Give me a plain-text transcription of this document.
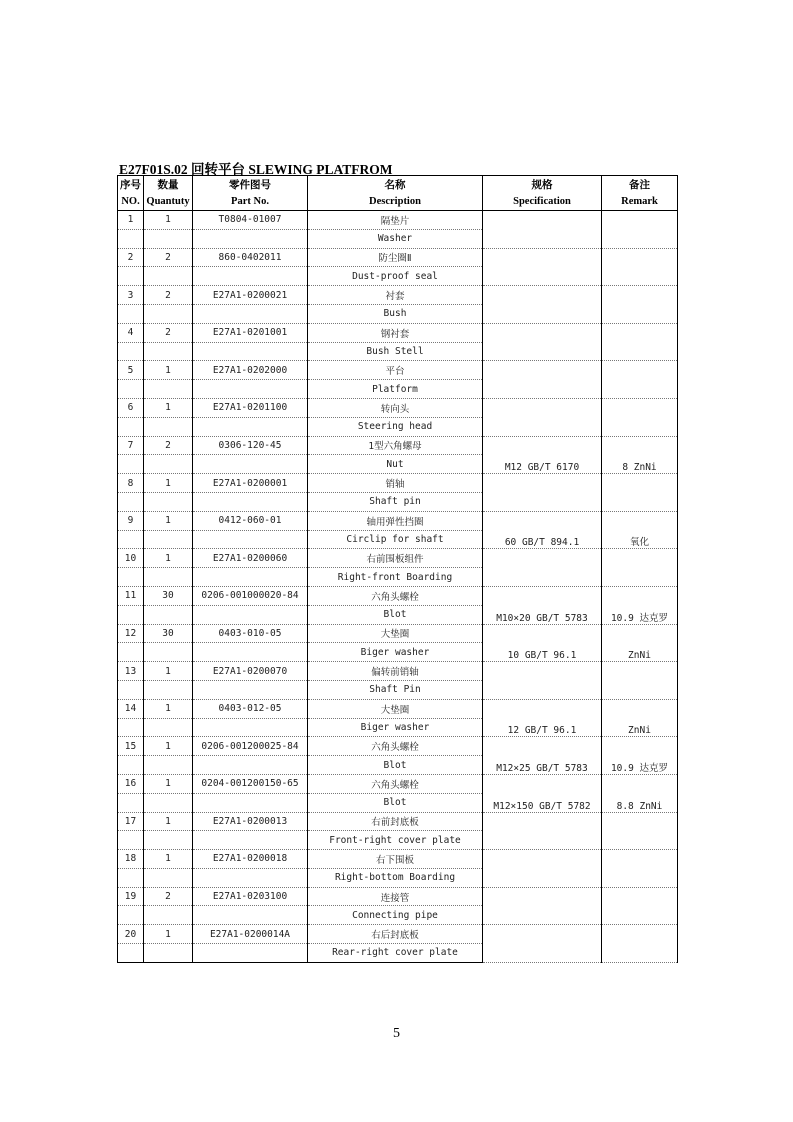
E27F01S.02 回转平台 SLEWING PLATFROM
序号	数量	零件图号	名称	规格	备注
NO.	Quantuty	Part No.	Description	Specification	Remark
1	1	T0804-01007	隔垫片		
			Washer		
2	2	860-0402011	防尘圈Ⅱ		
			Dust-proof seal		
3	2	E27A1-0200021	衬套		
			Bush		
4	2	E27A1-0201001	钢衬套		
			Bush Stell		
5	1	E27A1-0202000	平台		
			Platform		
6	1	E27A1-0201100	转向头		
			Steering head		
7	2	0306-120-45	1型六角螺母	M12 GB/T 6170	8 ZnNi
			Nut		
8	1	E27A1-0200001	销轴		
			Shaft pin		
9	1	0412-060-01	轴用弹性挡圈	60 GB/T 894.1	氧化
			Circlip for shaft		
10	1	E27A1-0200060	右前围板组件		
			Right-front Boarding		
11	30	0206-001000020-84	六角头螺栓	M10×20 GB/T 5783	10.9 达克罗
			Blot		
12	30	0403-010-05	大垫圈	10 GB/T 96.1	ZnNi
			Biger washer		
13	1	E27A1-0200070	偏转前销轴		
			Shaft Pin		
14	1	0403-012-05	大垫圈	12 GB/T 96.1	ZnNi
			Biger washer		
15	1	0206-001200025-84	六角头螺栓	M12×25 GB/T 5783	10.9 达克罗
			Blot		
16	1	0204-001200150-65	六角头螺栓	M12×150 GB/T 5782	8.8 ZnNi
			Blot		
17	1	E27A1-0200013	右前封底板		
			Front-right cover plate		
18	1	E27A1-0200018	右下围板		
			Right-bottom Boarding		
19	2	E27A1-0203100	连接管		
			Connecting pipe		
20	1	E27A1-0200014A	右后封底板		
			Rear-right cover plate		
5
